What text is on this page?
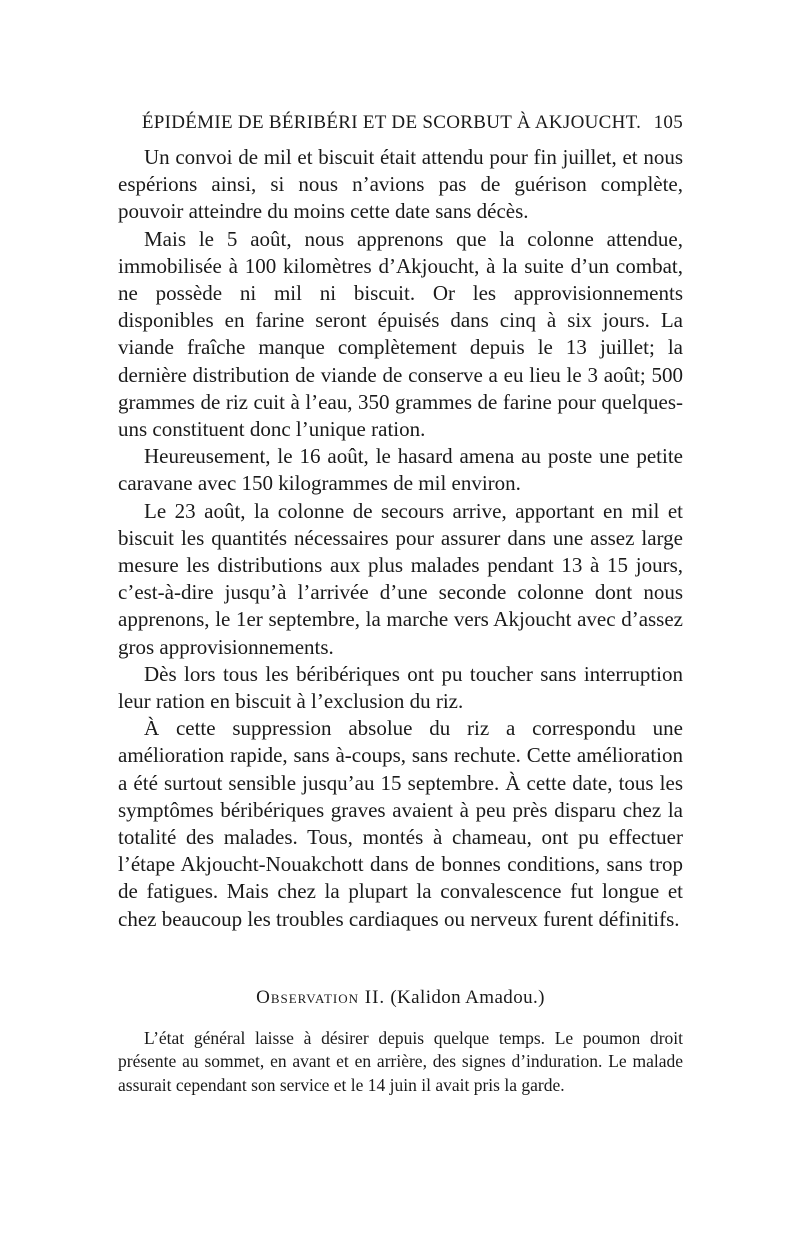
ÉPIDÉMIE DE BÉRIBÉRI ET DE SCORBUT À AKJOUCHT. 105

Un convoi de mil et biscuit était attendu pour fin juillet, et nous espérions ainsi, si nous n’avions pas de guérison complète, pouvoir atteindre du moins cette date sans décès.

Mais le 5 août, nous apprenons que la colonne attendue, immobilisée à 100 kilomètres d’Akjoucht, à la suite d’un combat, ne possède ni mil ni biscuit. Or les approvisionnements disponibles en farine seront épuisés dans cinq à six jours. La viande fraîche manque complètement depuis le 13 juillet; la dernière distribution de viande de conserve a eu lieu le 3 août; 500 grammes de riz cuit à l’eau, 350 grammes de farine pour quelques-uns constituent donc l’unique ration.

Heureusement, le 16 août, le hasard amena au poste une petite caravane avec 150 kilogrammes de mil environ.

Le 23 août, la colonne de secours arrive, apportant en mil et biscuit les quantités nécessaires pour assurer dans une assez large mesure les distributions aux plus malades pendant 13 à 15 jours, c’est-à-dire jusqu’à l’arrivée d’une seconde colonne dont nous apprenons, le 1er septembre, la marche vers Akjoucht avec d’assez gros approvisionnements.

Dès lors tous les béribériques ont pu toucher sans interruption leur ration en biscuit à l’exclusion du riz.

À cette suppression absolue du riz a correspondu une amélioration rapide, sans à-coups, sans rechute. Cette amélioration a été surtout sensible jusqu’au 15 septembre. À cette date, tous les symptômes béribériques graves avaient à peu près disparu chez la totalité des malades. Tous, montés à chameau, ont pu effectuer l’étape Akjoucht-Nouakchott dans de bonnes conditions, sans trop de fatigues. Mais chez la plupart la convalescence fut longue et chez beaucoup les troubles cardiaques ou nerveux furent définitifs.

Observation II. (Kalidon Amadou.)

L’état général laisse à désirer depuis quelque temps. Le poumon droit présente au sommet, en avant et en arrière, des signes d’induration. Le malade assurait cependant son service et le 14 juin il avait pris la garde.
